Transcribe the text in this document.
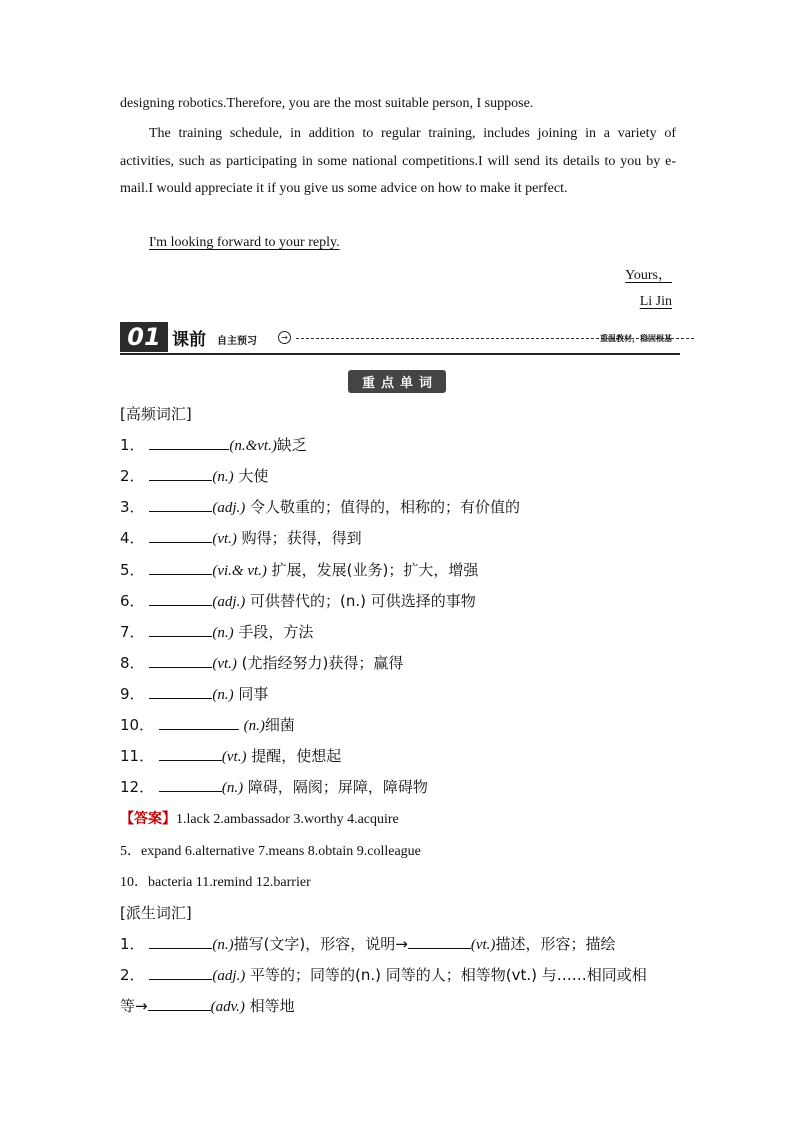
designing robotics.Therefore, you are the most suitable person, I suppose.
The training schedule, in addition to regular training, includes joining in a variety of activities, such as participating in some national competitions.I will send its details to you by e-mail.I would appreciate it if you give us some advice on how to make it perfect.
I'm looking forward to your reply.
Yours，
Li Jin
01 课前 自主预习	→	重温教材，稳固根基
重点单词
[高频词汇]
1．	(n.&vt.)缺乏
2．	(n.) 大使
3．	(adj.) 令人敬重的；值得的，相称的；有价值的
4．	(vt.) 购得；获得，得到
5．	(vi.& vt.) 扩展，发展(业务)；扩大，增强
6．	(adj.) 可供替代的；(n.) 可供选择的事物
7．	(n.) 手段，方法
8．	(vt.) (尤指经努力)获得；赢得
9．	(n.) 同事
10．	(n.)细菌
11．	(vt.) 提醒，使想起
12．	(n.) 障碍，隔阂；屏障，障碍物
【答案】1.lack 2.ambassador 3.worthy 4.acquire
5．expand 6.alternative 7.means 8.obtain 9.colleague
10．bacteria 11.remind 12.barrier
[派生词汇]
1．	(n.)描写(文字)，形容，说明→	(vt.)描述，形容；描绘
2．	(adj.) 平等的；同等的(n.) 同等的人；相等物(vt.) 与……相同或相
等→	(adv.) 相等地
